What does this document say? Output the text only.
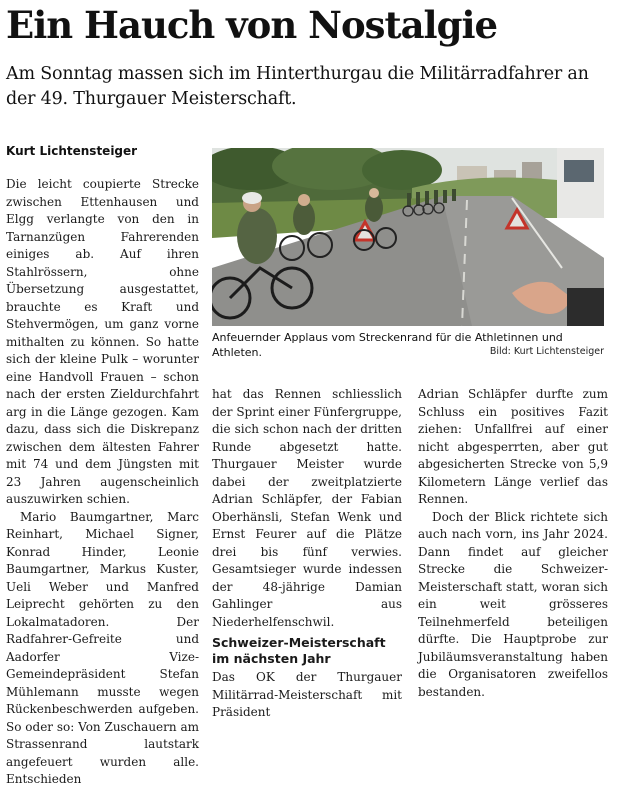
Ein Hauch von Nostalgie

Am Sonntag massen sich im Hinterthurgau die Militärradfahrer an der 49. Thurgauer Meisterschaft.

Kurt Lichtensteiger
Anfeuernder Applaus vom Streckenrand für die Athletinnen und Athleten.	Bild: Kurt Lichtensteiger

Die leicht coupierte Strecke zwischen Ettenhausen und Elgg verlangte von den in Tarnanzügen Fahrerenden einiges ab. Auf ihren Stahlrössern, ohne Übersetzung ausgestattet, brauchte es Kraft und Stehvermögen, um ganz vorne mithalten zu können. So hatte sich der kleine Pulk – worunter eine Handvoll Frauen – schon nach der ersten Zieldurchfahrt arg in die Länge gezogen. Kam dazu, dass sich die Diskrepanz zwischen dem ältesten Fahrer mit 74 und dem Jüngsten mit 23 Jahren augenscheinlich auszuwirken schien.

Mario Baumgartner, Marc Reinhart, Michael Signer, Konrad Hinder, Leonie Baumgartner, Markus Kuster, Ueli Weber und Manfred Leiprecht gehörten zu den Lokalmatadoren. Der Radfahrer-Gefreite und Aadorfer Vize-Gemeindepräsident Stefan Mühlemann musste wegen Rückenbeschwerden aufgeben. So oder so: Von Zuschauern am Strassenrand lautstark angefeuert wurden alle. Entschieden

hat das Rennen schliesslich der Sprint einer Fünfergruppe, die sich schon nach der dritten Runde abgesetzt hatte. Thurgauer Meister wurde dabei der zweitplatzierte Adrian Schläpfer, der Fabian Oberhänsli, Stefan Wenk und Ernst Feurer auf die Plätze drei bis fünf verwies. Gesamtsieger wurde indessen der 48-jährige Damian Gahlinger aus Niederhelfenschwil.

Schweizer-Meisterschaft im nächsten Jahr

Das OK der Thurgauer Militärrad-Meisterschaft mit Präsident

Adrian Schläpfer durfte zum Schluss ein positives Fazit ziehen: Unfallfrei auf einer nicht abgesperrten, aber gut abgesicherten Strecke von 5,9 Kilometern Länge verlief das Rennen.

Doch der Blick richtete sich auch nach vorn, ins Jahr 2024. Dann findet auf gleicher Strecke die Schweizer-Meisterschaft statt, woran sich ein weit grösseres Teilnehmerfeld beteiligen dürfte. Die Hauptprobe zur Jubiläumsveranstaltung haben die Organisatoren zweifellos bestanden.
